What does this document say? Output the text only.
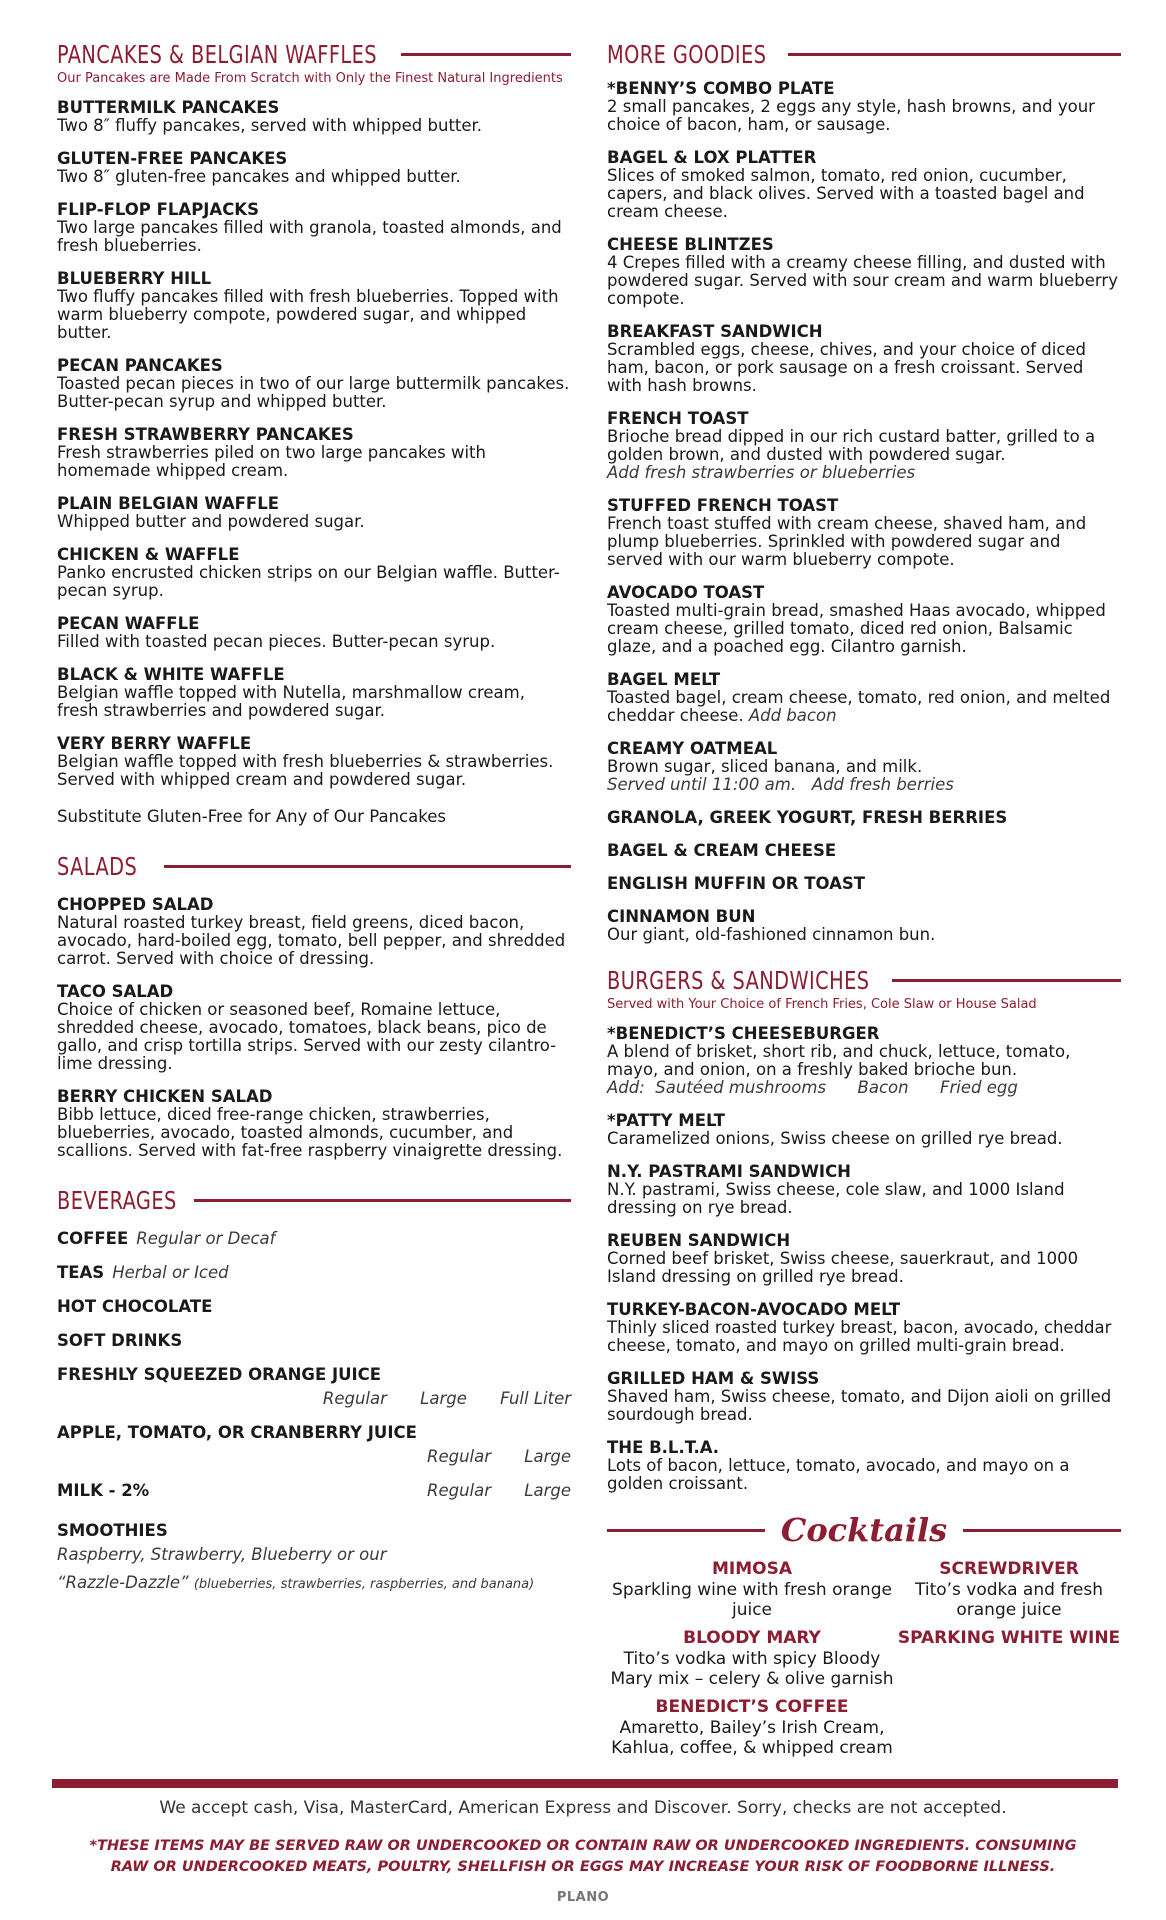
PANCAKES & BELGIAN WAFFLES
Our Pancakes are Made From Scratch with Only the Finest Natural Ingredients
BUTTERMILK PANCAKES
Two 8″ fluffy pancakes, served with whipped butter.
GLUTEN-FREE PANCAKES
Two 8″ gluten-free pancakes and whipped butter.
FLIP-FLOP FLAPJACKS
Two large pancakes filled with granola, toasted almonds, and fresh blueberries.
BLUEBERRY HILL
Two fluffy pancakes filled with fresh blueberries. Topped with warm blueberry compote, powdered sugar, and whipped butter.
PECAN PANCAKES
Toasted pecan pieces in two of our large buttermilk pancakes. Butter-pecan syrup and whipped butter.
FRESH STRAWBERRY PANCAKES
Fresh strawberries piled on two large pancakes with homemade whipped cream.
PLAIN BELGIAN WAFFLE
Whipped butter and powdered sugar.
CHICKEN & WAFFLE
Panko encrusted chicken strips on our Belgian waffle. Butter-pecan syrup.
PECAN WAFFLE
Filled with toasted pecan pieces. Butter-pecan syrup.
BLACK & WHITE WAFFLE
Belgian waffle topped with Nutella, marshmallow cream, fresh strawberries and powdered sugar.
VERY BERRY WAFFLE
Belgian waffle topped with fresh blueberries & strawberries. Served with whipped cream and powdered sugar.
Substitute Gluten-Free for Any of Our Pancakes
SALADS
CHOPPED SALAD
Natural roasted turkey breast, field greens, diced bacon, avocado, hard-boiled egg, tomato, bell pepper, and shredded carrot. Served with choice of dressing.
TACO SALAD
Choice of chicken or seasoned beef, Romaine lettuce, shredded cheese, avocado, tomatoes, black beans, pico de gallo, and crisp tortilla strips. Served with our zesty cilantro-lime dressing.
BERRY CHICKEN SALAD
Bibb lettuce, diced free-range chicken, strawberries, blueberries, avocado, toasted almonds, cucumber, and scallions. Served with fat-free raspberry vinaigrette dressing.
BEVERAGES
COFFEE Regular or Decaf
TEAS Herbal or Iced
HOT CHOCOLATE
SOFT DRINKS
FRESHLY SQUEEZED ORANGE JUICE
Regular Large Full Liter
APPLE, TOMATO, OR CRANBERRY JUICE
Regular Large
MILK - 2%	Regular Large
SMOOTHIES
Raspberry, Strawberry, Blueberry or our
“Razzle-Dazzle” (blueberries, strawberries, raspberries, and banana)
MORE GOODIES
*BENNY’S COMBO PLATE
2 small pancakes, 2 eggs any style, hash browns, and your choice of bacon, ham, or sausage.
BAGEL & LOX PLATTER
Slices of smoked salmon, tomato, red onion, cucumber, capers, and black olives. Served with a toasted bagel and cream cheese.
CHEESE BLINTZES
4 Crepes filled with a creamy cheese filling, and dusted with powdered sugar. Served with sour cream and warm blueberry compote.
BREAKFAST SANDWICH
Scrambled eggs, cheese, chives, and your choice of diced ham, bacon, or pork sausage on a fresh croissant. Served with hash browns.
FRENCH TOAST
Brioche bread dipped in our rich custard batter, grilled to a golden brown, and dusted with powdered sugar.
Add fresh strawberries or blueberries
STUFFED FRENCH TOAST
French toast stuffed with cream cheese, shaved ham, and plump blueberries. Sprinkled with powdered sugar and served with our warm blueberry compote.
AVOCADO TOAST
Toasted multi-grain bread, smashed Haas avocado, whipped cream cheese, grilled tomato, diced red onion, Balsamic glaze, and a poached egg. Cilantro garnish.
BAGEL MELT
Toasted bagel, cream cheese, tomato, red onion, and melted cheddar cheese. Add bacon
CREAMY OATMEAL
Brown sugar, sliced banana, and milk.
Served until 11:00 am.   Add fresh berries
GRANOLA, GREEK YOGURT, FRESH BERRIES
BAGEL & CREAM CHEESE
ENGLISH MUFFIN OR TOAST
CINNAMON BUN
Our giant, old-fashioned cinnamon bun.
BURGERS & SANDWICHES
Served with Your Choice of French Fries, Cole Slaw or House Salad
*BENEDICT’S CHEESEBURGER
A blend of brisket, short rib, and chuck, lettuce, tomato, mayo, and onion, on a freshly baked brioche bun.
Add:  Sautéed mushrooms      Bacon      Fried egg
*PATTY MELT
Caramelized onions, Swiss cheese on grilled rye bread.
N.Y. PASTRAMI SANDWICH
N.Y. pastrami, Swiss cheese, cole slaw, and 1000 Island dressing on rye bread.
REUBEN SANDWICH
Corned beef brisket, Swiss cheese, sauerkraut, and 1000 Island dressing on grilled rye bread.
TURKEY-BACON-AVOCADO MELT
Thinly sliced roasted turkey breast, bacon, avocado, cheddar cheese, tomato, and mayo on grilled multi-grain bread.
GRILLED HAM & SWISS
Shaved ham, Swiss cheese, tomato, and Dijon aioli on grilled sourdough bread.
THE B.L.T.A.
Lots of bacon, lettuce, tomato, avocado, and mayo on a golden croissant.
Cocktails
MIMOSA
Sparkling wine with fresh orange juice
BLOODY MARY
Tito’s vodka with spicy Bloody Mary mix – celery & olive garnish
BENEDICT’S COFFEE
Amaretto, Bailey’s Irish Cream, Kahlua, coffee, & whipped cream
SCREWDRIVER
Tito’s vodka and fresh orange juice
SPARKING WHITE WINE
We accept cash, Visa, MasterCard, American Express and Discover. Sorry, checks are not accepted.
*THESE ITEMS MAY BE SERVED RAW OR UNDERCOOKED OR CONTAIN RAW OR UNDERCOOKED INGREDIENTS. CONSUMING RAW OR UNDERCOOKED MEATS, POULTRY, SHELLFISH OR EGGS MAY INCREASE YOUR RISK OF FOODBORNE ILLNESS.
PLANO
